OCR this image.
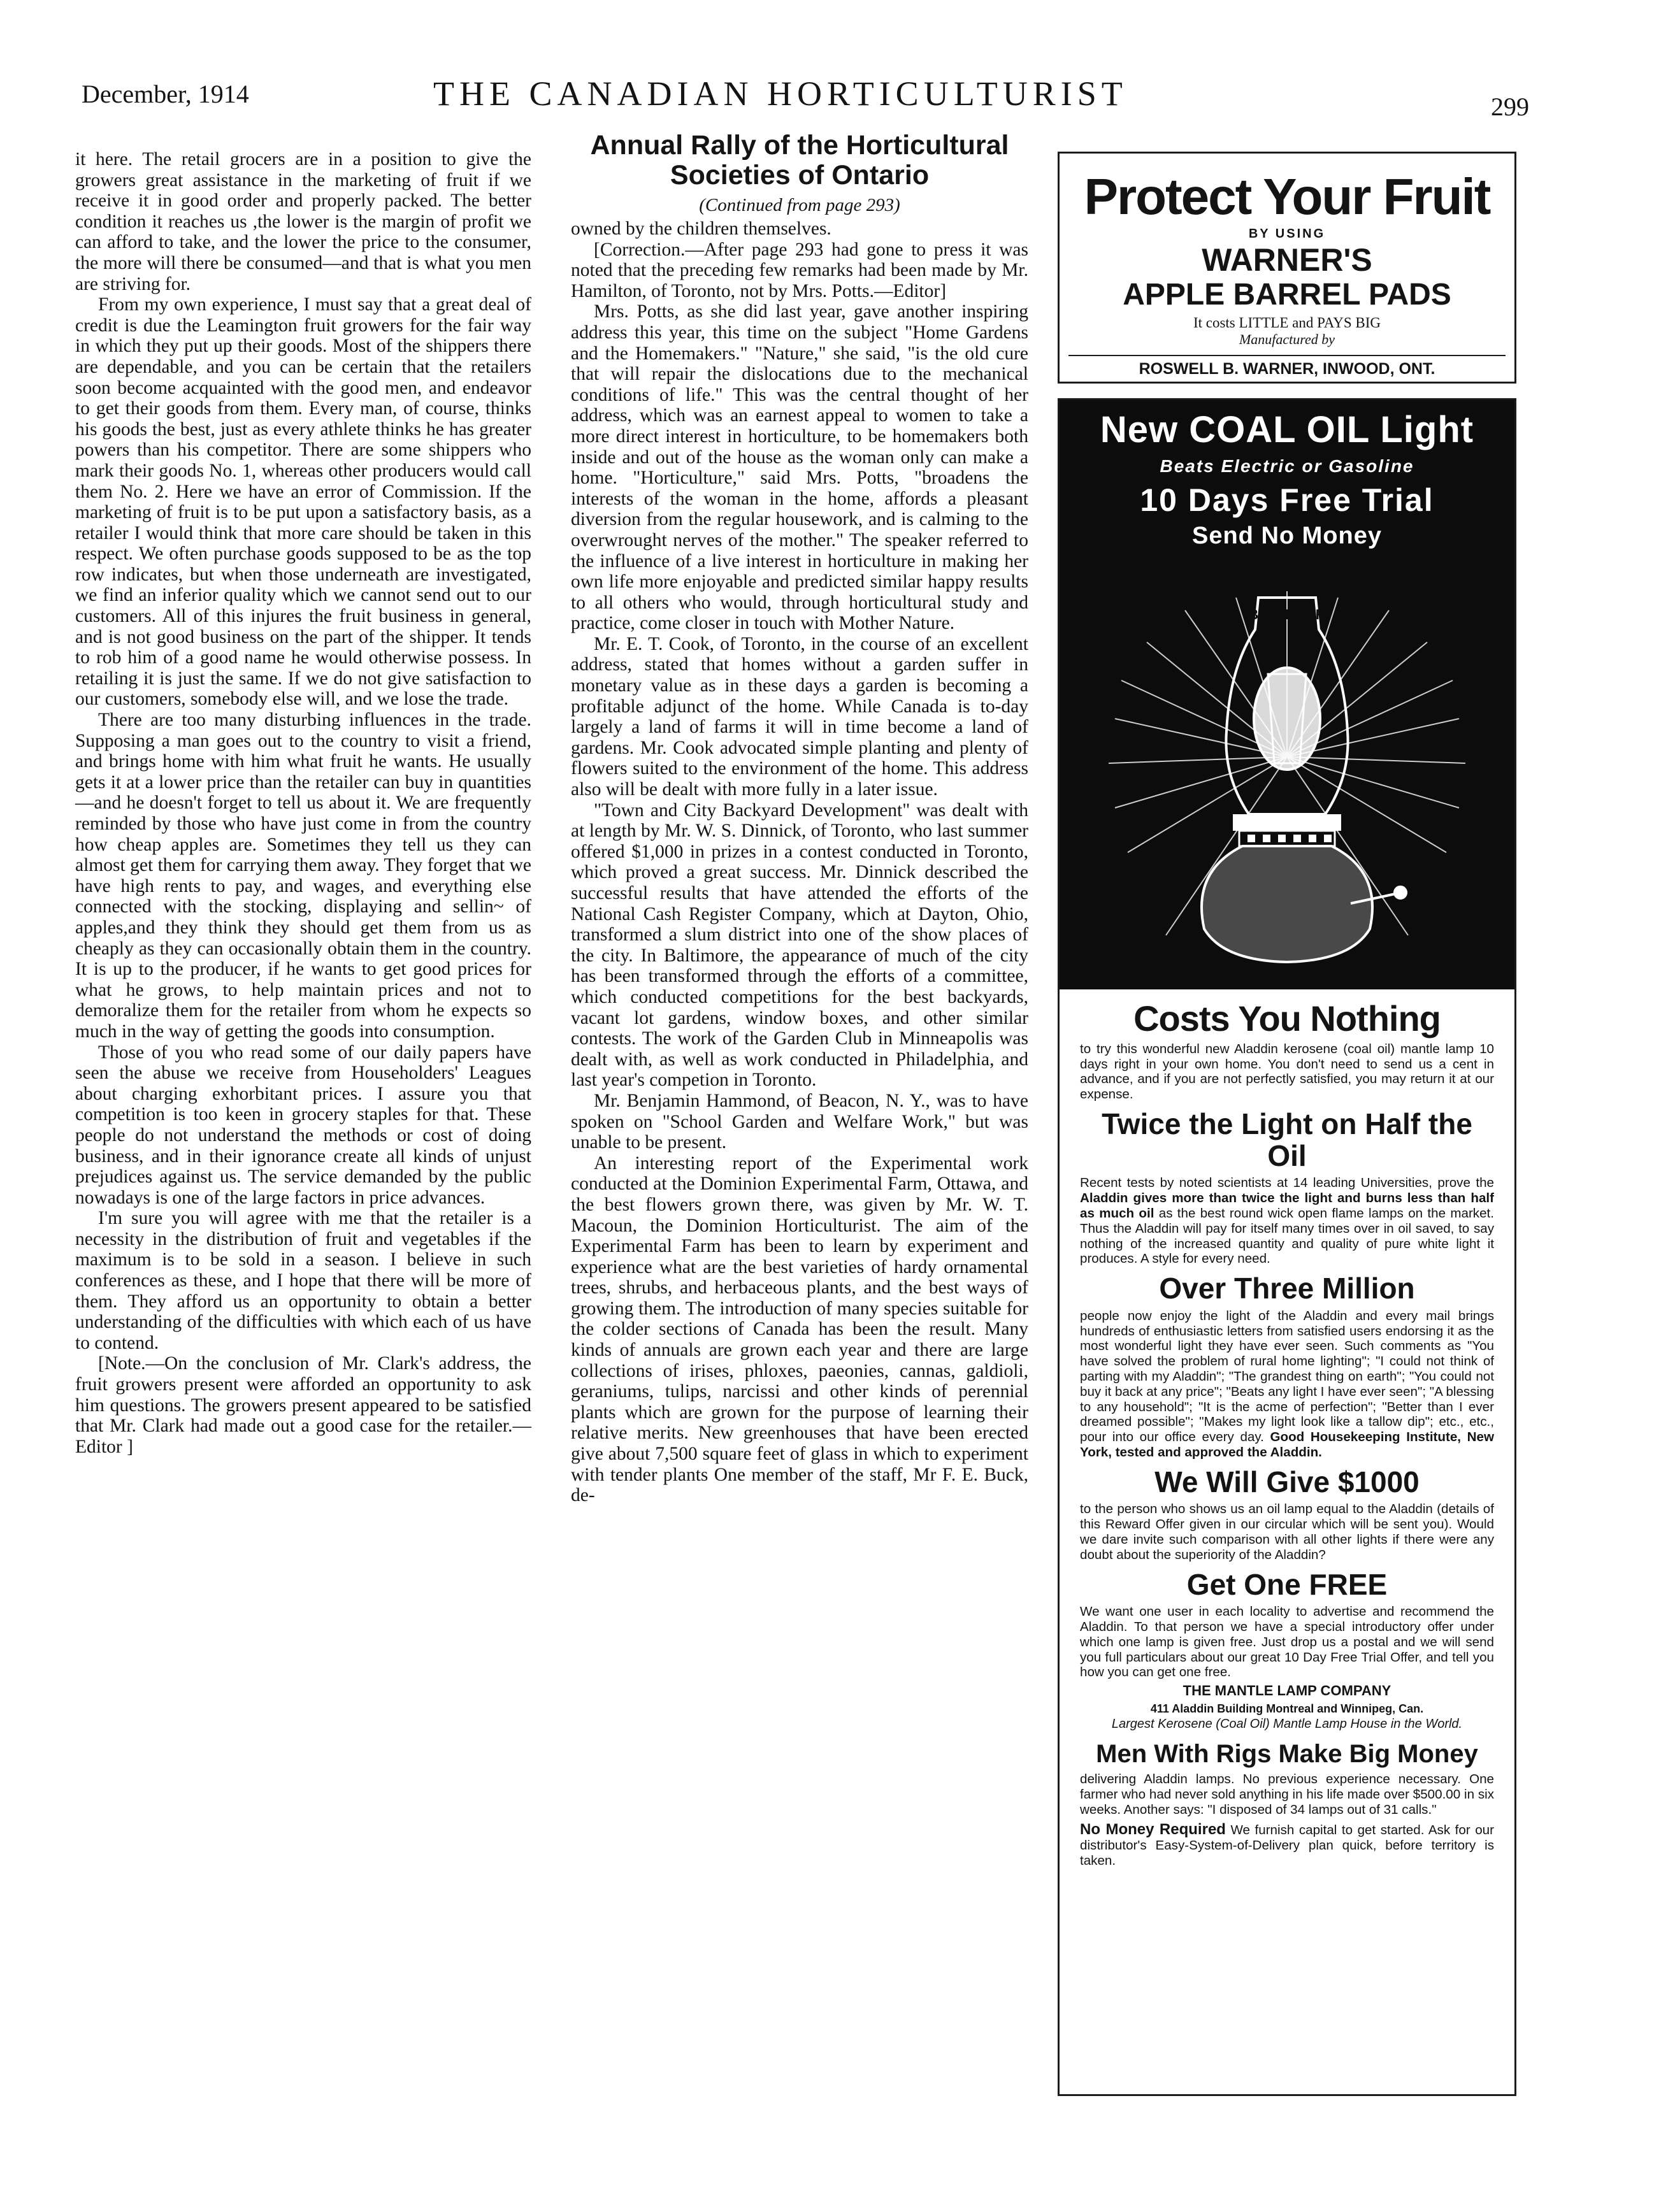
December, 1914	THE CANADIAN HORTICULTURIST	299

it here. The retail grocers are in a position to give the growers great assistance in the marketing of fruit if we receive it in good order and properly packed. The better condition it reaches us ,the lower is the margin of profit we can afford to take, and the lower the price to the consumer, the more will there be consumed—and that is what you men are striving for.

From my own experience, I must say that a great deal of credit is due the Leamington fruit growers for the fair way in which they put up their goods. Most of the shippers there are dependable, and you can be certain that the retailers soon become acquainted with the good men, and endeavor to get their goods from them. Every man, of course, thinks his goods the best, just as every athlete thinks he has greater powers than his competitor. There are some shippers who mark their goods No. 1, whereas other producers would call them No. 2. Here we have an error of Commission. If the marketing of fruit is to be put upon a satisfactory basis, as a retailer I would think that more care should be taken in this respect. We often purchase goods supposed to be as the top row indicates, but when those underneath are investigated, we find an inferior quality which we cannot send out to our customers. All of this injures the fruit business in general, and is not good business on the part of the shipper. It tends to rob him of a good name he would otherwise possess. In retailing it is just the same. If we do not give satisfaction to our customers, somebody else will, and we lose the trade.

There are too many disturbing influences in the trade. Supposing a man goes out to the country to visit a friend, and brings home with him what fruit he wants. He usually gets it at a lower price than the retailer can buy in quantities—and he doesn't forget to tell us about it. We are frequently reminded by those who have just come in from the country how cheap apples are. Sometimes they tell us they can almost get them for carrying them away. They forget that we have high rents to pay, and wages, and everything else connected with the stocking, displaying and sellin~ of apples,and they think they should get them from us as cheaply as they can occasionally obtain them in the country. It is up to the producer, if he wants to get good prices for what he grows, to help maintain prices and not to demoralize them for the retailer from whom he expects so much in the way of getting the goods into consumption.

Those of you who read some of our daily papers have seen the abuse we receive from Householders' Leagues about charging exhorbitant prices. I assure you that competition is too keen in grocery staples for that. These people do not understand the methods or cost of doing business, and in their ignorance create all kinds of unjust prejudices against us. The service demanded by the public nowadays is one of the large factors in price advances.

I'm sure you will agree with me that the retailer is a necessity in the distribution of fruit and vegetables if the maximum is to be sold in a season. I believe in such conferences as these, and I hope that there will be more of them. They afford us an opportunity to obtain a better understanding of the difficulties with which each of us have to contend.

[Note.—On the conclusion of Mr. Clark's address, the fruit growers present were afforded an opportunity to ask him questions. The growers present appeared to be satisfied that Mr. Clark had made out a good case for the retailer.—Editor ]

Annual Rally of the Horticultural Societies of Ontario

(Continued from page 293)

owned by the children themselves.

[Correction.—After page 293 had gone to press it was noted that the preceding few remarks had been made by Mr. Hamilton, of Toronto, not by Mrs. Potts.—Editor]

Mrs. Potts, as she did last year, gave another inspiring address this year, this time on the subject "Home Gardens and the Homemakers." "Nature," she said, "is the old cure that will repair the dislocations due to the mechanical conditions of life." This was the central thought of her address, which was an earnest appeal to women to take a more direct interest in horticulture, to be homemakers both inside and out of the house as the woman only can make a home. "Horticulture," said Mrs. Potts, "broadens the interests of the woman in the home, affords a pleasant diversion from the regular housework, and is calming to the overwrought nerves of the mother." The speaker referred to the influence of a live interest in horticulture in making her own life more enjoyable and predicted similar happy results to all others who would, through horticultural study and practice, come closer in touch with Mother Nature.

Mr. E. T. Cook, of Toronto, in the course of an excellent address, stated that homes without a garden suffer in monetary value as in these days a garden is becoming a profitable adjunct of the home. While Canada is to-day largely a land of farms it will in time become a land of gardens. Mr. Cook advocated simple planting and plenty of flowers suited to the environment of the home. This address also will be dealt with more fully in a later issue.

"Town and City Backyard Development" was dealt with at length by Mr. W. S. Dinnick, of Toronto, who last summer offered $1,000 in prizes in a contest conducted in Toronto, which proved a great success. Mr. Dinnick described the successful results that have attended the efforts of the National Cash Register Company, which at Dayton, Ohio, transformed a slum district into one of the show places of the city. In Baltimore, the appearance of much of the city has been transformed through the efforts of a committee, which conducted competitions for the best backyards, vacant lot gardens, window boxes, and other similar contests. The work of the Garden Club in Minneapolis was dealt with, as well as work conducted in Philadelphia, and last year's competion in Toronto.

Mr. Benjamin Hammond, of Beacon, N. Y., was to have spoken on "School Garden and Welfare Work," but was unable to be present.

An interesting report of the Experimental work conducted at the Dominion Experimental Farm, Ottawa, and the best flowers grown there, was given by Mr. W. T. Macoun, the Dominion Horticulturist. The aim of the Experimental Farm has been to learn by experiment and experience what are the best varieties of hardy ornamental trees, shrubs, and herbaceous plants, and the best ways of growing them. The introduction of many species suitable for the colder sections of Canada has been the result. Many kinds of annuals are grown each year and there are large collections of irises, phloxes, paeonies, cannas, galdioli, geraniums, tulips, narcissi and other kinds of perennial plants which are grown for the purpose of learning their relative merits. New greenhouses that have been erected give about 7,500 square feet of glass in which to experiment with tender plants One member of the staff, Mr F. E. Buck, de-

Protect Your Fruit
BY USING
WARNER'S
APPLE BARREL PADS
It costs LITTLE and PAYS BIG
Manufactured by
ROSWELL B. WARNER, INWOOD, ONT.
New COAL OIL Light
Beats Electric or Gasoline
10 Days Free Trial
Send No Money
BURNS AIR
Costs You Nothing
to try this wonderful new Aladdin kerosene (coal oil) mantle lamp 10 days right in your own home. You don't need to send us a cent in advance, and if you are not perfectly satisfied, you may return it at our expense.
Twice the Light on Half the Oil
Recent tests by noted scientists at 14 leading Universities, prove the Aladdin gives more than twice the light and burns less than half as much oil as the best round wick open flame lamps on the market. Thus the Aladdin will pay for itself many times over in oil saved, to say nothing of the increased quantity and quality of pure white light it produces. A style for every need.
Over Three Million
people now enjoy the light of the Aladdin and every mail brings hundreds of enthusiastic letters from satisfied users endorsing it as the most wonderful light they have ever seen. Such comments as "You have solved the problem of rural home lighting"; "I could not think of parting with my Aladdin"; "The grandest thing on earth"; "You could not buy it back at any price"; "Beats any light I have ever seen"; "A blessing to any household"; "It is the acme of perfection"; "Better than I ever dreamed possible"; "Makes my light look like a tallow dip"; etc., etc., pour into our office every day. Good Housekeeping Institute, New York, tested and approved the Aladdin.
We Will Give $1000
to the person who shows us an oil lamp equal to the Aladdin (details of this Reward Offer given in our circular which will be sent you). Would we dare invite such comparison with all other lights if there were any doubt about the superiority of the Aladdin?
Get One FREE
We want one user in each locality to advertise and recommend the Aladdin. To that person we have a special introductory offer under which one lamp is given free. Just drop us a postal and we will send you full particulars about our great 10 Day Free Trial Offer, and tell you how you can get one free.
THE MANTLE LAMP COMPANY
411 Aladdin Building Montreal and Winnipeg, Can.
Largest Kerosene (Coal Oil) Mantle Lamp House in the World.
Men With Rigs Make Big Money
delivering Aladdin lamps. No previous experience necessary. One farmer who had never sold anything in his life made over $500.00 in six weeks. Another says: "I disposed of 34 lamps out of 31 calls."
No Money Required We furnish capital to get started. Ask for our distributor's Easy-System-of-Delivery plan quick, before territory is taken.
